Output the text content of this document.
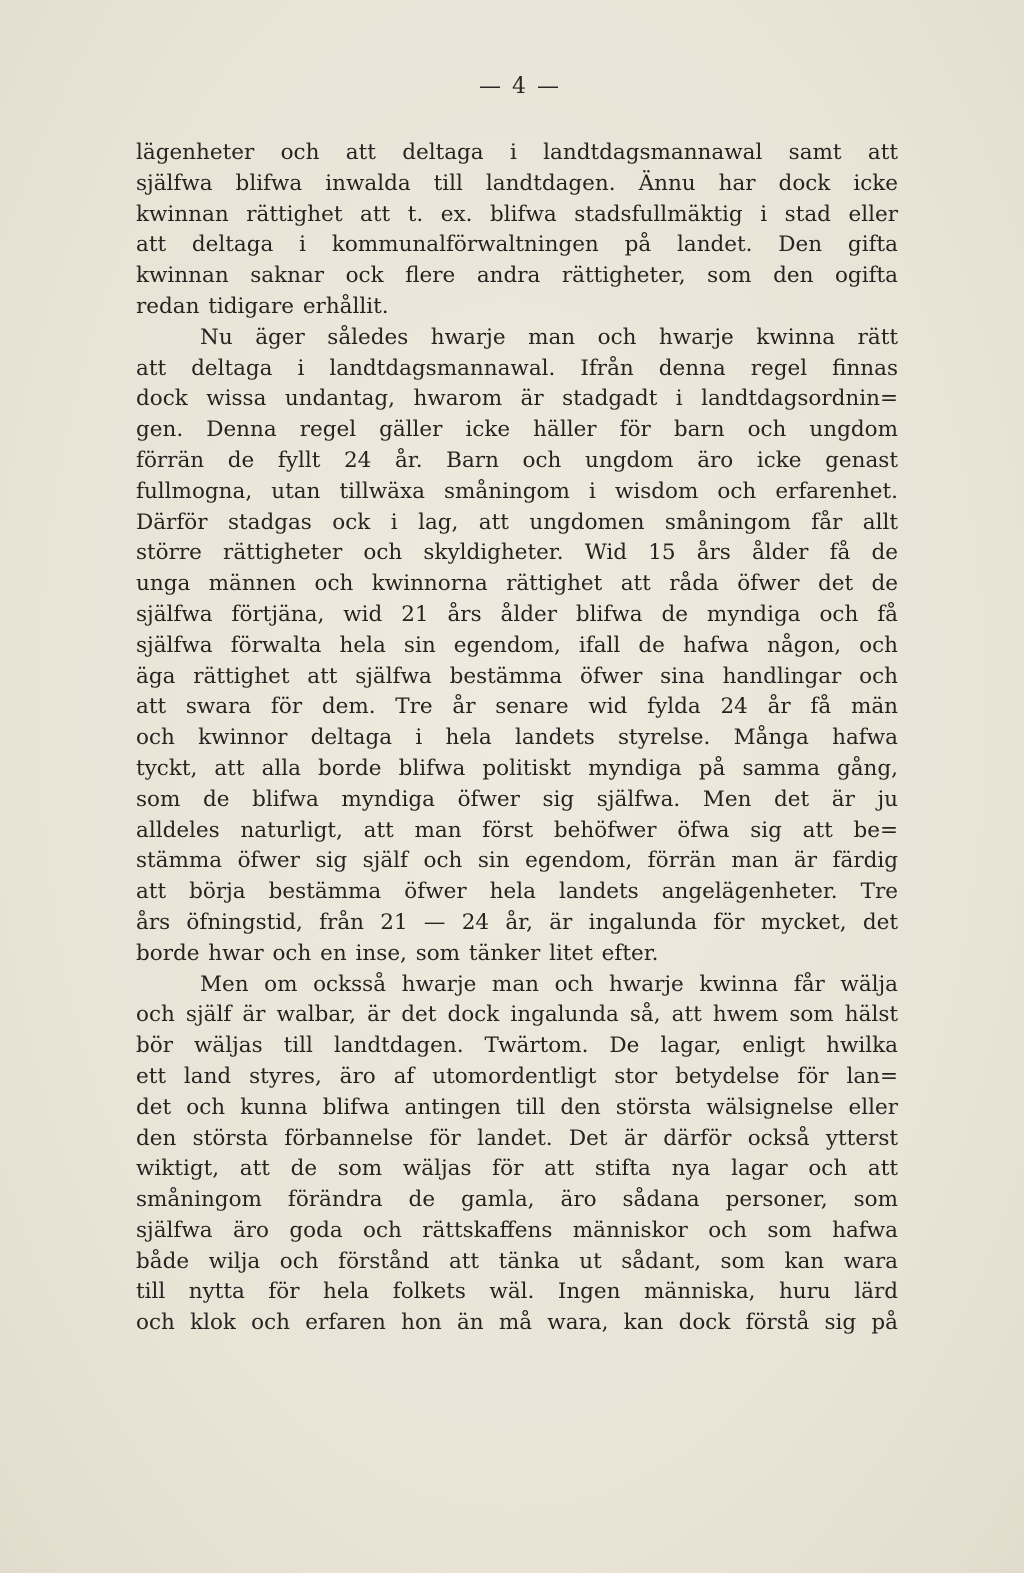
— 4 —
lägenheter och att deltaga i landtdagsmannawal samt att
själfwa blifwa inwalda till landtdagen. Ännu har dock icke
kwinnan rättighet att t. ex. blifwa stadsfullmäktig i stad eller
att deltaga i kommunalförwaltningen på landet. Den gifta
kwinnan saknar ock flere andra rättigheter, som den ogifta
redan tidigare erhållit.
Nu äger således hwarje man och hwarje kwinna rätt
att deltaga i landtdagsmannawal. Ifrån denna regel finnas
dock wissa undantag, hwarom är stadgadt i landtdagsordnin=
gen. Denna regel gäller icke häller för barn och ungdom
förrän de fyllt 24 år. Barn och ungdom äro icke genast
fullmogna, utan tillwäxa småningom i wisdom och erfarenhet.
Därför stadgas ock i lag, att ungdomen småningom får allt
större rättigheter och skyldigheter. Wid 15 års ålder få de
unga männen och kwinnorna rättighet att råda öfwer det de
själfwa förtjäna, wid 21 års ålder blifwa de myndiga och få
själfwa förwalta hela sin egendom, ifall de hafwa någon, och
äga rättighet att själfwa bestämma öfwer sina handlingar och
att swara för dem. Tre år senare wid fylda 24 år få män
och kwinnor deltaga i hela landets styrelse. Många hafwa
tyckt, att alla borde blifwa politiskt myndiga på samma gång,
som de blifwa myndiga öfwer sig själfwa. Men det är ju
alldeles naturligt, att man först behöfwer öfwa sig att be=
stämma öfwer sig själf och sin egendom, förrän man är färdig
att börja bestämma öfwer hela landets angelägenheter. Tre
års öfningstid, från 21 — 24 år, är ingalunda för mycket, det
borde hwar och en inse, som tänker litet efter.
Men om ocksså hwarje man och hwarje kwinna får wälja
och själf är walbar, är det dock ingalunda så, att hwem som hälst
bör wäljas till landtdagen. Twärtom. De lagar, enligt hwilka
ett land styres, äro af utomordentligt stor betydelse för lan=
det och kunna blifwa antingen till den största wälsignelse eller
den största förbannelse för landet. Det är därför också ytterst
wiktigt, att de som wäljas för att stifta nya lagar och att
småningom förändra de gamla, äro sådana personer, som
själfwa äro goda och rättskaffens människor och som hafwa
både wilja och förstånd att tänka ut sådant, som kan wara
till nytta för hela folkets wäl. Ingen människa, huru lärd
och klok och erfaren hon än må wara, kan dock förstå sig på
